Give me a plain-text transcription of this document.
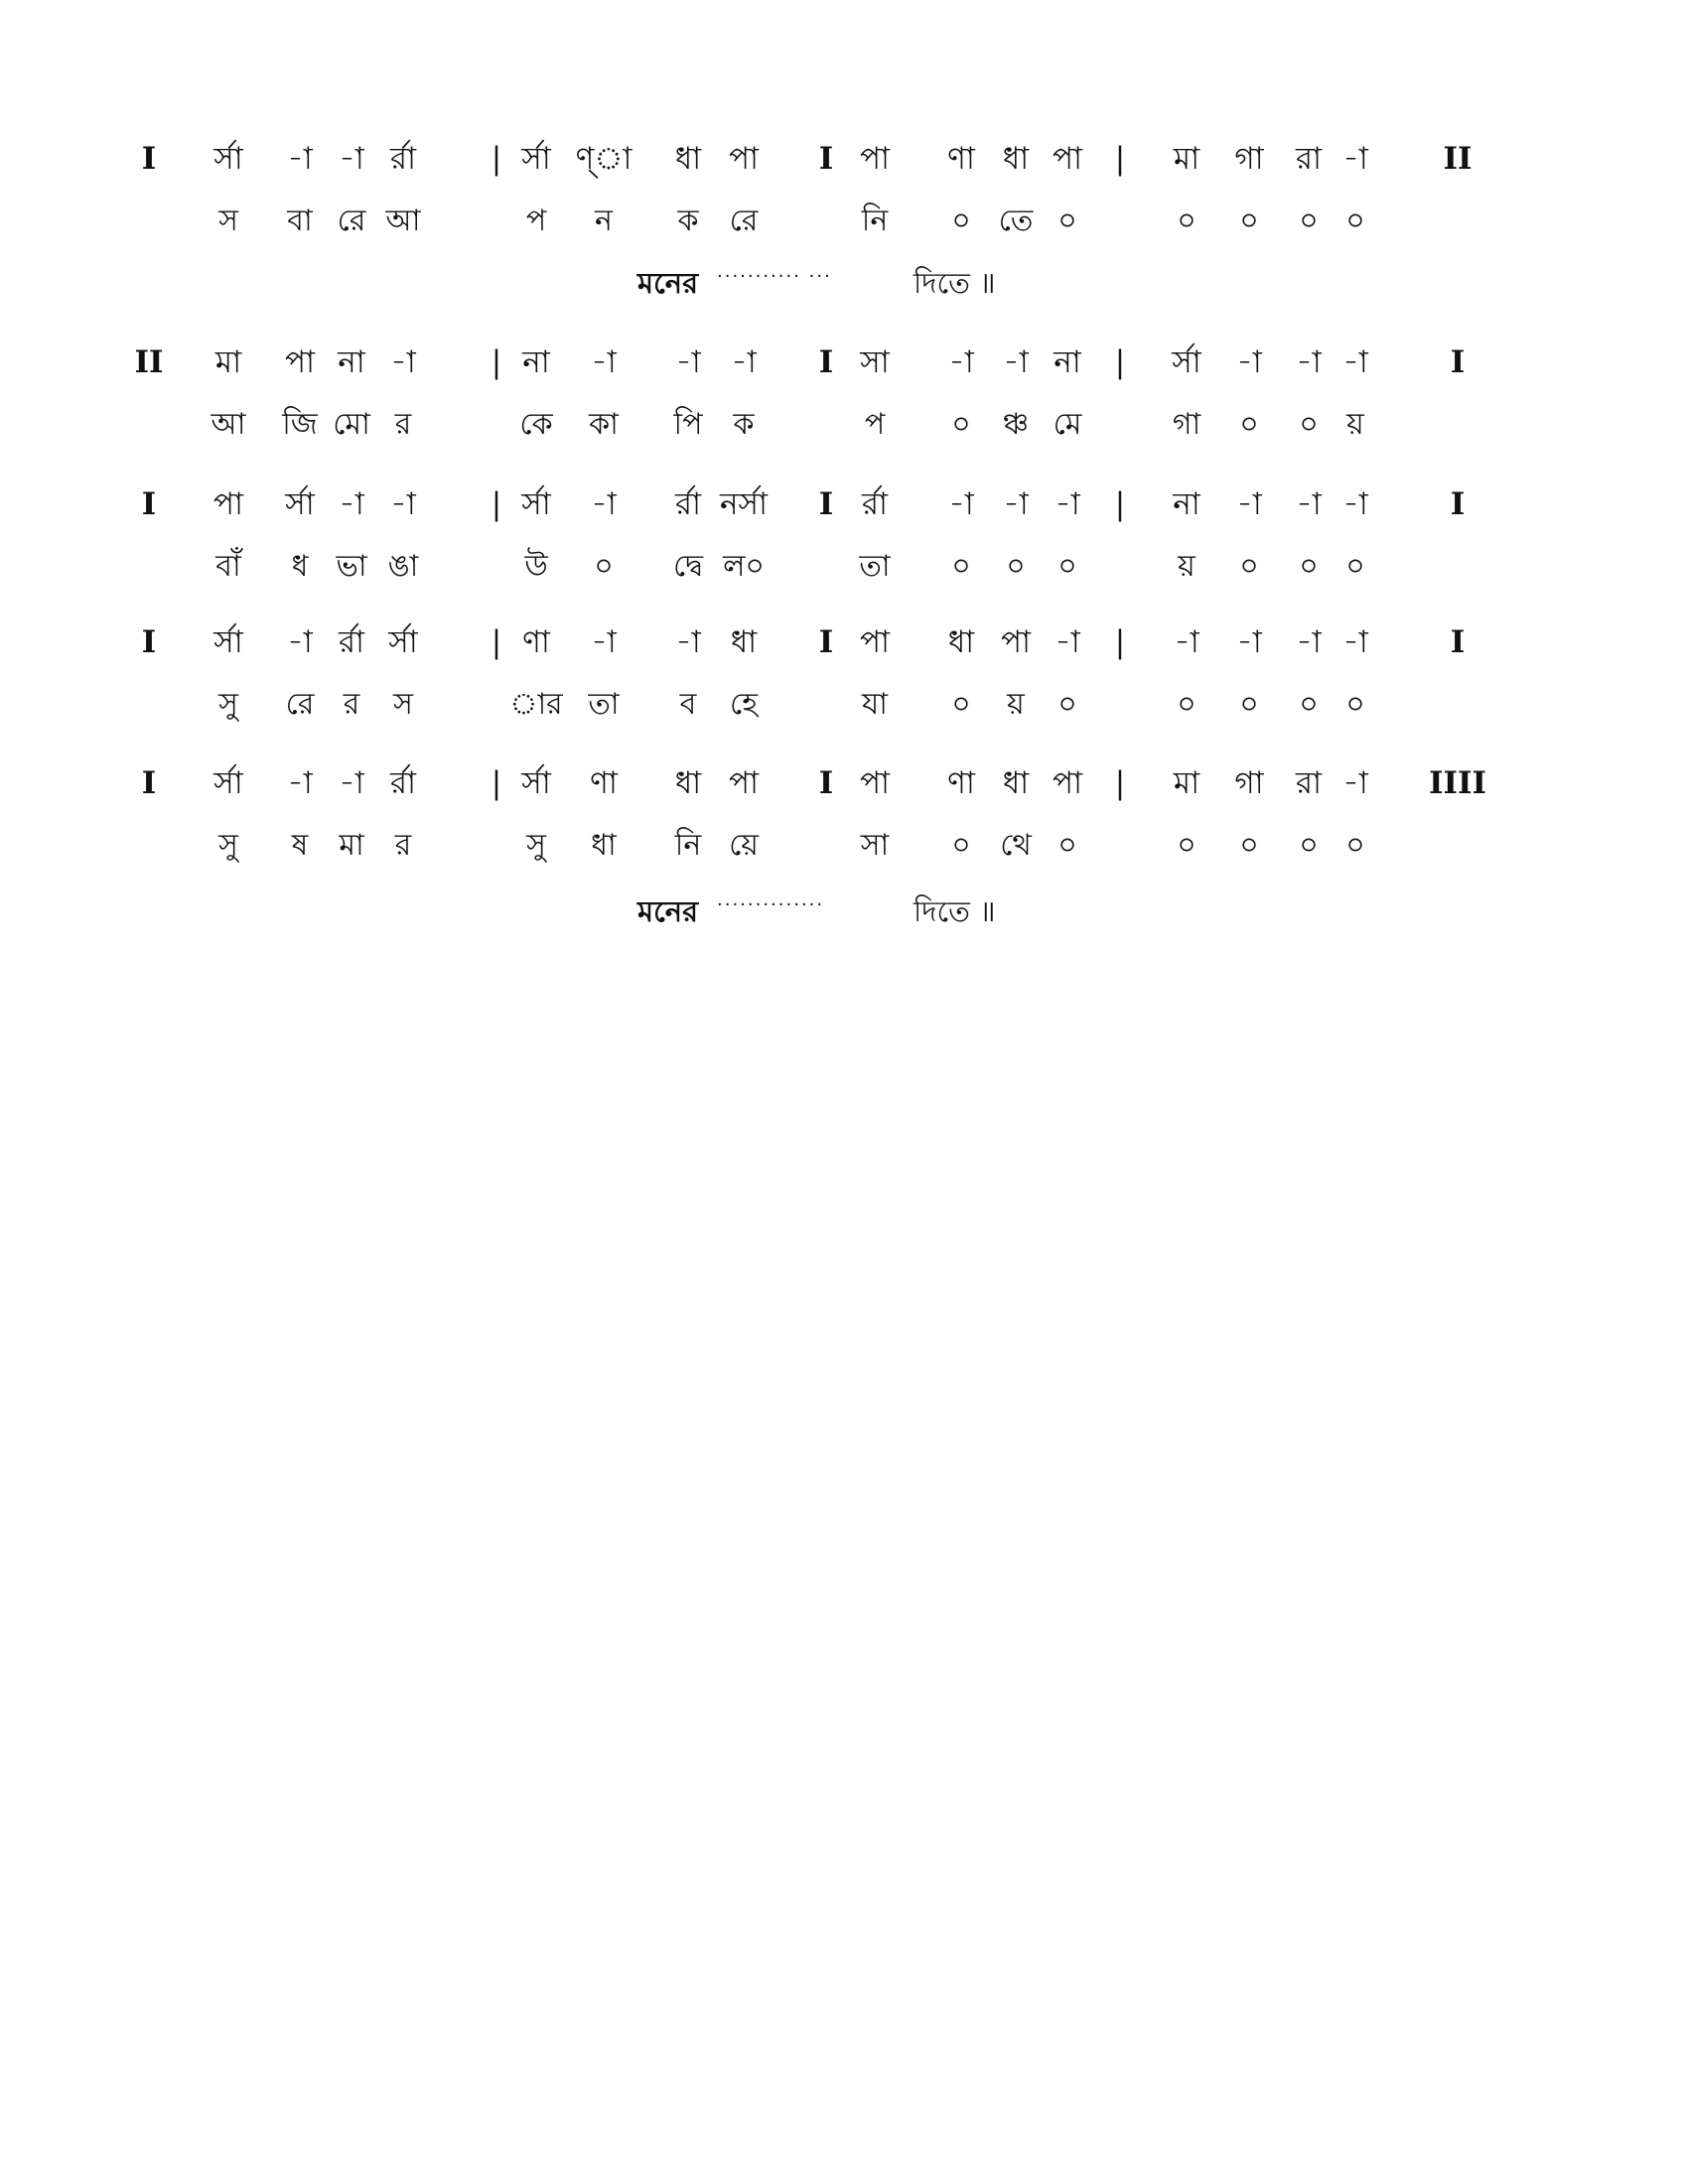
I র্সা -া -া র্রা | র্সা ণ্া ধা পা I পা ণা ধা পা | মা গা রা -া II
স বা রে আ	প ন ক রে	নি ০ তে ০	০ ০ ০ ০
মনের ··········· ···	দিতে ॥
II মা পা না -া | না -া -া -া I সা -া -া না | র্সা -া -া -া	I
আ জি মো র	কে কা পি ক	প ০ ঞ্চ মে	গা ০ ০ য়
I পা র্সা -া -া | র্সা -া র্রা নর্সা I র্রা -া -া -া | না -া -া -া	I
বাঁ ধ ভা ঙা	উ ০ দ্বে ল০	তা ০ ০ ০	য় ০ ০ ০
I র্সা -া র্রা র্সা | ণা -া -া ধা I পা ধা পা -া | -া -া -া -া	I
সু রে র স	ার তা ব হে	যা ০ য় ০	০ ০ ০ ০
I র্সা -া -া র্রা | র্সা ণা ধা পা I পা ণা ধা পা | মা গা রা -া IIII
সু ষ মা র	সু ধা নি য়ে	সা ০ থে ০	০ ০ ০ ০
মনের ··············	দিতে ॥
